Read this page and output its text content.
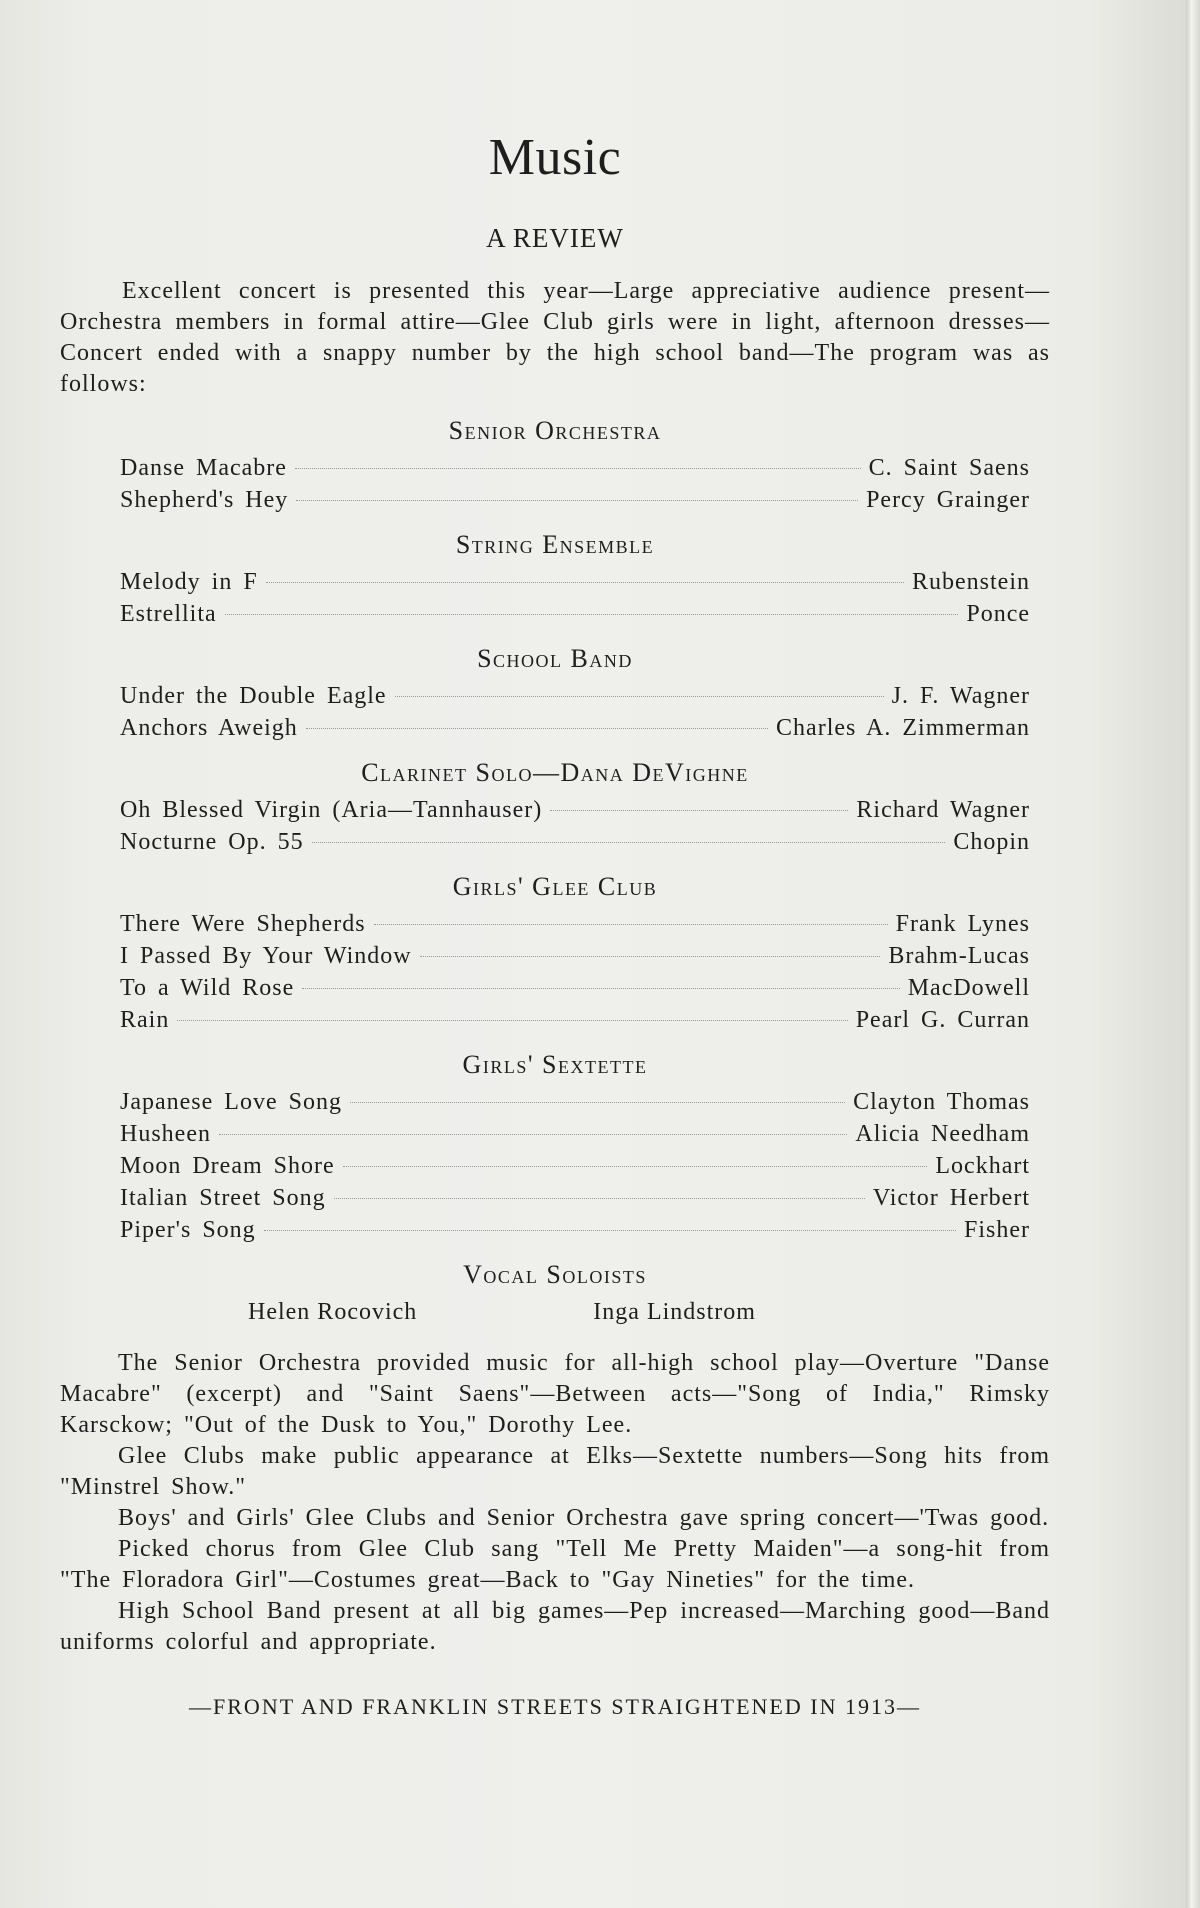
Music
A REVIEW

Excellent concert is presented this year—Large appreciative audience present—Orchestra members in formal attire—Glee Club girls were in light, afternoon dresses—Concert ended with a snappy number by the high school band—The program was as follows:

Senior Orchestra
Danse Macabre	C. Saint Saens
Shepherd's Hey	Percy Grainger
String Ensemble
Melody in F	Rubenstein
Estrellita	Ponce
School Band
Under the Double Eagle	J. F. Wagner
Anchors Aweigh	Charles A. Zimmerman
Clarinet Solo—Dana DeVighne
Oh Blessed Virgin (Aria—Tannhauser)	Richard Wagner
Nocturne Op. 55	Chopin
Girls' Glee Club
There Were Shepherds	Frank Lynes
I Passed By Your Window	Brahm-Lucas
To a Wild Rose	MacDowell
Rain	Pearl G. Curran
Girls' Sextette
Japanese Love Song	Clayton Thomas
Husheen	Alicia Needham
Moon Dream Shore	Lockhart
Italian Street Song	Victor Herbert
Piper's Song	Fisher
Vocal Soloists
Helen Rocovich	Inga Lindstrom

The Senior Orchestra provided music for all-high school play—Overture "Danse Macabre" (excerpt) and "Saint Saens"—Between acts—"Song of India," Rimsky Karsckow; "Out of the Dusk to You," Dorothy Lee.

Glee Clubs make public appearance at Elks—Sextette numbers—Song hits from "Minstrel Show."

Boys' and Girls' Glee Clubs and Senior Orchestra gave spring concert—'Twas good.

Picked chorus from Glee Club sang "Tell Me Pretty Maiden"—a song-hit from "The Floradora Girl"—Costumes great—Back to "Gay Nineties" for the time.

High School Band present at all big games—Pep increased—Marching good—Band uniforms colorful and appropriate.

—FRONT AND FRANKLIN STREETS STRAIGHTENED IN 1913—
